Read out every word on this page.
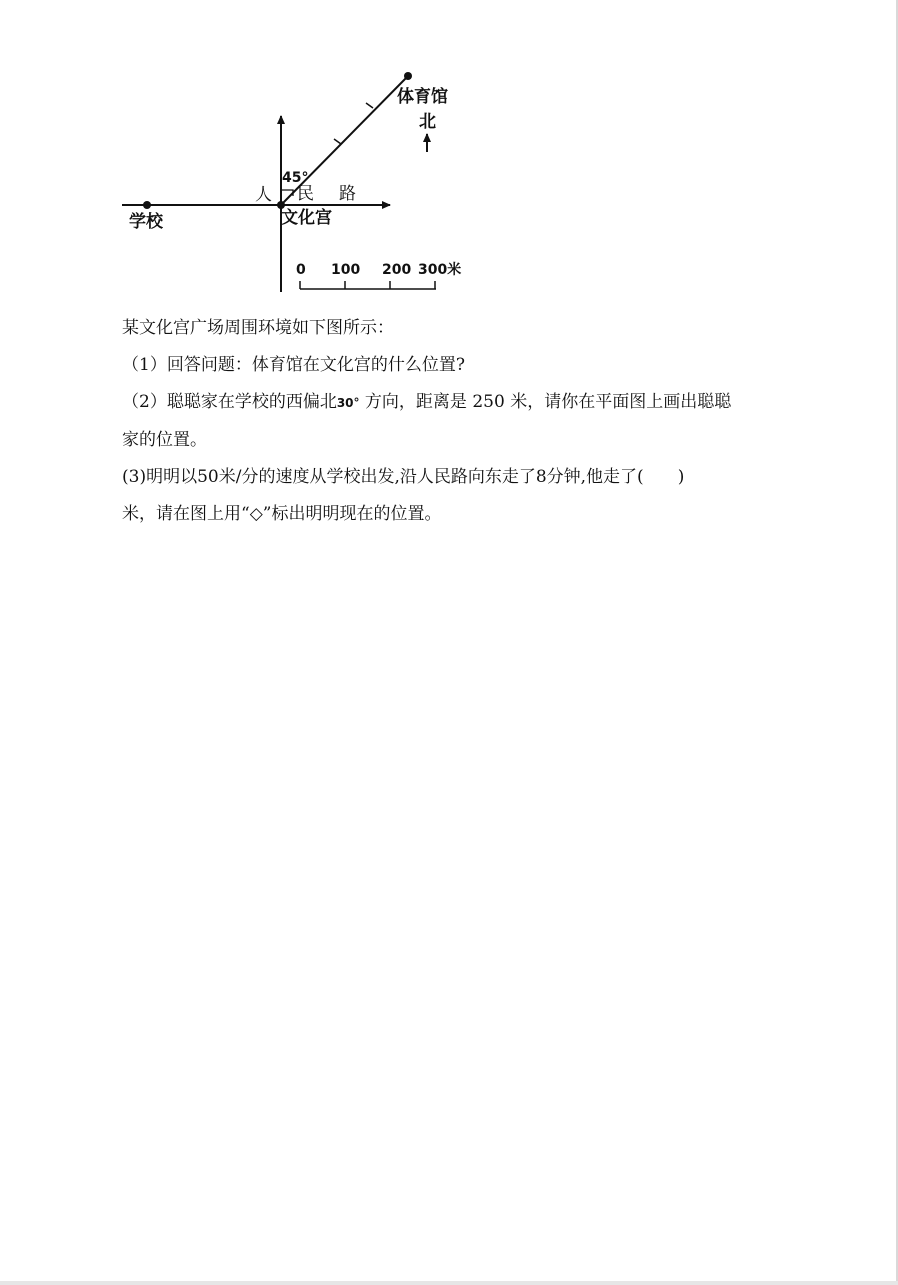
体育馆
北
45°
人 民 路
学校	文化宫
0 100 200 300米
某文化宫广场周围环境如下图所示：
（1）回答问题：体育馆在文化宫的什么位置?
（2）聪聪家在学校的西偏北30° 方向，距离是 250 米，请你在平面图上画出聪聪
家的位置。
(3)明明以50米/分的速度从学校出发,沿人民路向东走了8分钟,他走了(　　)
米，请在图上用“◇”标出明明现在的位置。
